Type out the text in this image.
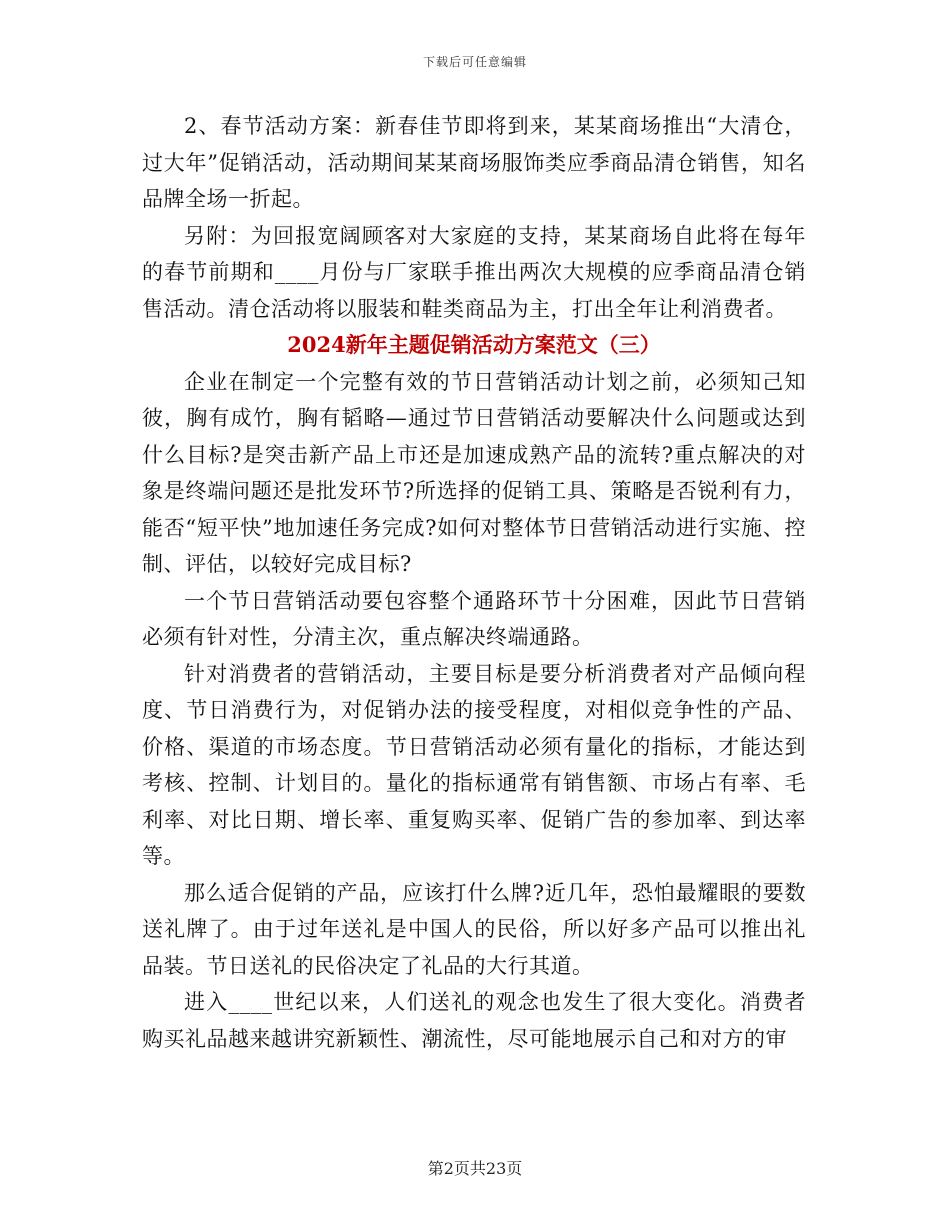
下载后可任意编辑

2、春节活动方案：新春佳节即将到来，某某商场推出“大清仓，过大年”促销活动，活动期间某某商场服饰类应季商品清仓销售，知名品牌全场一折起。

另附：为回报宽阔顾客对大家庭的支持，某某商场自此将在每年的春节前期和____月份与厂家联手推出两次大规模的应季商品清仓销售活动。清仓活动将以服装和鞋类商品为主，打出全年让利消费者。

2024新年主题促销活动方案范文（三）

企业在制定一个完整有效的节日营销活动计划之前，必须知己知彼，胸有成竹，胸有韬略—通过节日营销活动要解决什么问题或达到什么目标?是突击新产品上市还是加速成熟产品的流转?重点解决的对象是终端问题还是批发环节?所选择的促销工具、策略是否锐利有力，能否“短平快”地加速任务完成?如何对整体节日营销活动进行实施、控制、评估，以较好完成目标?

一个节日营销活动要包容整个通路环节十分困难，因此节日营销必须有针对性，分清主次，重点解决终端通路。

针对消费者的营销活动，主要目标是要分析消费者对产品倾向程度、节日消费行为，对促销办法的接受程度，对相似竞争性的产品、价格、渠道的市场态度。节日营销活动必须有量化的指标，才能达到考核、控制、计划目的。量化的指标通常有销售额、市场占有率、毛利率、对比日期、增长率、重复购买率、促销广告的参加率、到达率等。

那么适合促销的产品，应该打什么牌?近几年，恐怕最耀眼的要数送礼牌了。由于过年送礼是中国人的民俗，所以好多产品可以推出礼品装。节日送礼的民俗决定了礼品的大行其道。

进入____世纪以来，人们送礼的观念也发生了很大变化。消费者购买礼品越来越讲究新颖性、潮流性，尽可能地展示自己和对方的审

第2页共23页
